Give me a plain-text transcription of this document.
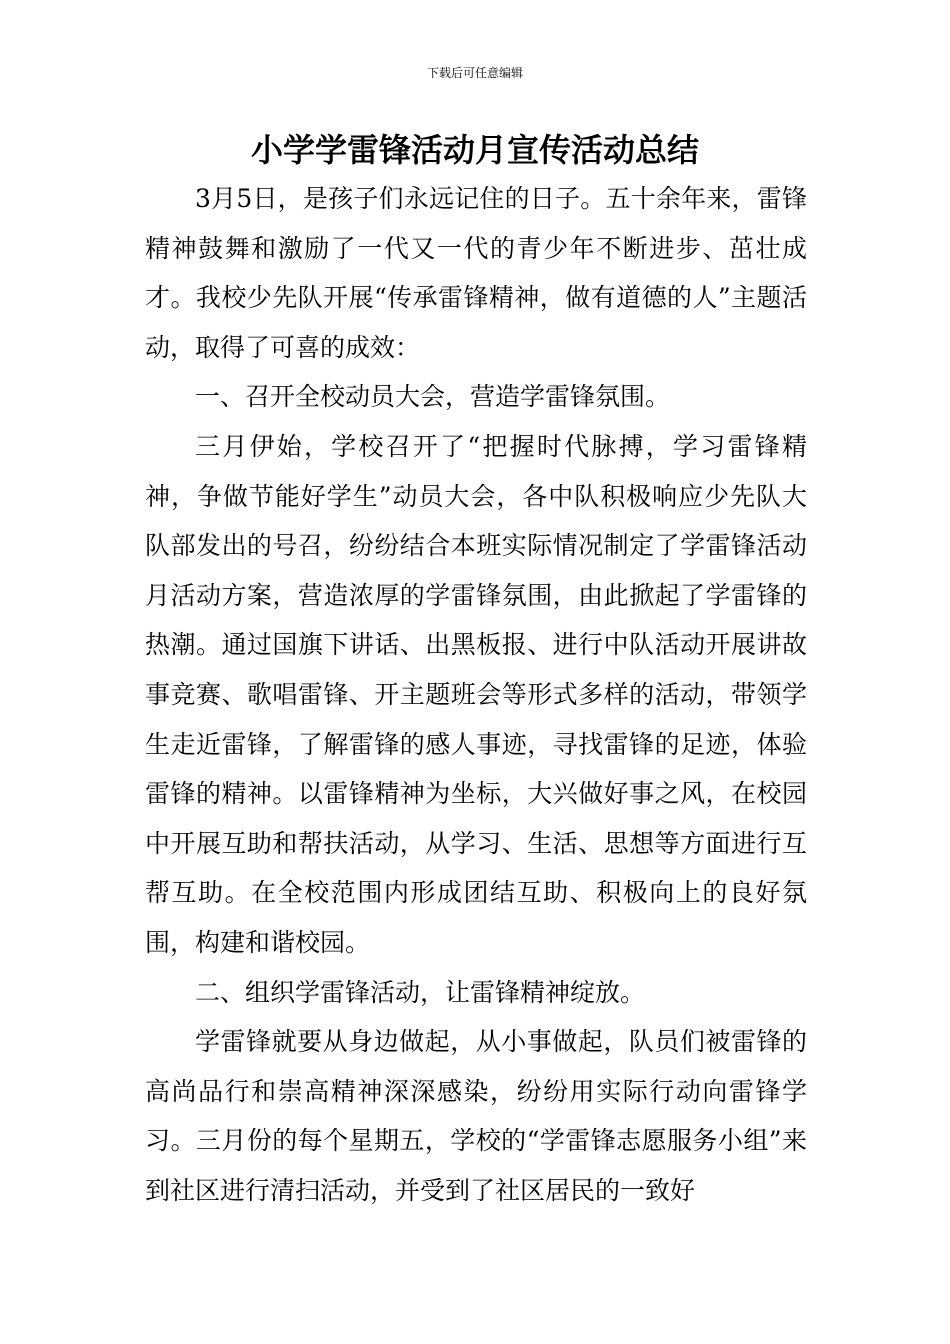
下载后可任意编辑
小学学雷锋活动月宣传活动总结

3月5日，是孩子们永远记住的日子。五十余年来，雷锋精神鼓舞和激励了一代又一代的青少年不断进步、茁壮成才。我校少先队开展“传承雷锋精神，做有道德的人”主题活动，取得了可喜的成效：

一、召开全校动员大会，营造学雷锋氛围。

三月伊始，学校召开了“把握时代脉搏，学习雷锋精神，争做节能好学生”动员大会，各中队积极响应少先队大队部发出的号召，纷纷结合本班实际情况制定了学雷锋活动月活动方案，营造浓厚的学雷锋氛围，由此掀起了学雷锋的热潮。通过国旗下讲话、出黑板报、进行中队活动开展讲故事竞赛、歌唱雷锋、开主题班会等形式多样的活动，带领学生走近雷锋，了解雷锋的感人事迹，寻找雷锋的足迹，体验雷锋的精神。以雷锋精神为坐标，大兴做好事之风，在校园中开展互助和帮扶活动，从学习、生活、思想等方面进行互帮互助。在全校范围内形成团结互助、积极向上的良好氛围，构建和谐校园。

二、组织学雷锋活动，让雷锋精神绽放。

学雷锋就要从身边做起，从小事做起，队员们被雷锋的高尚品行和崇高精神深深感染，纷纷用实际行动向雷锋学习。三月份的每个星期五，学校的“学雷锋志愿服务小组”来到社区进行清扫活动，并受到了社区居民的一致好
